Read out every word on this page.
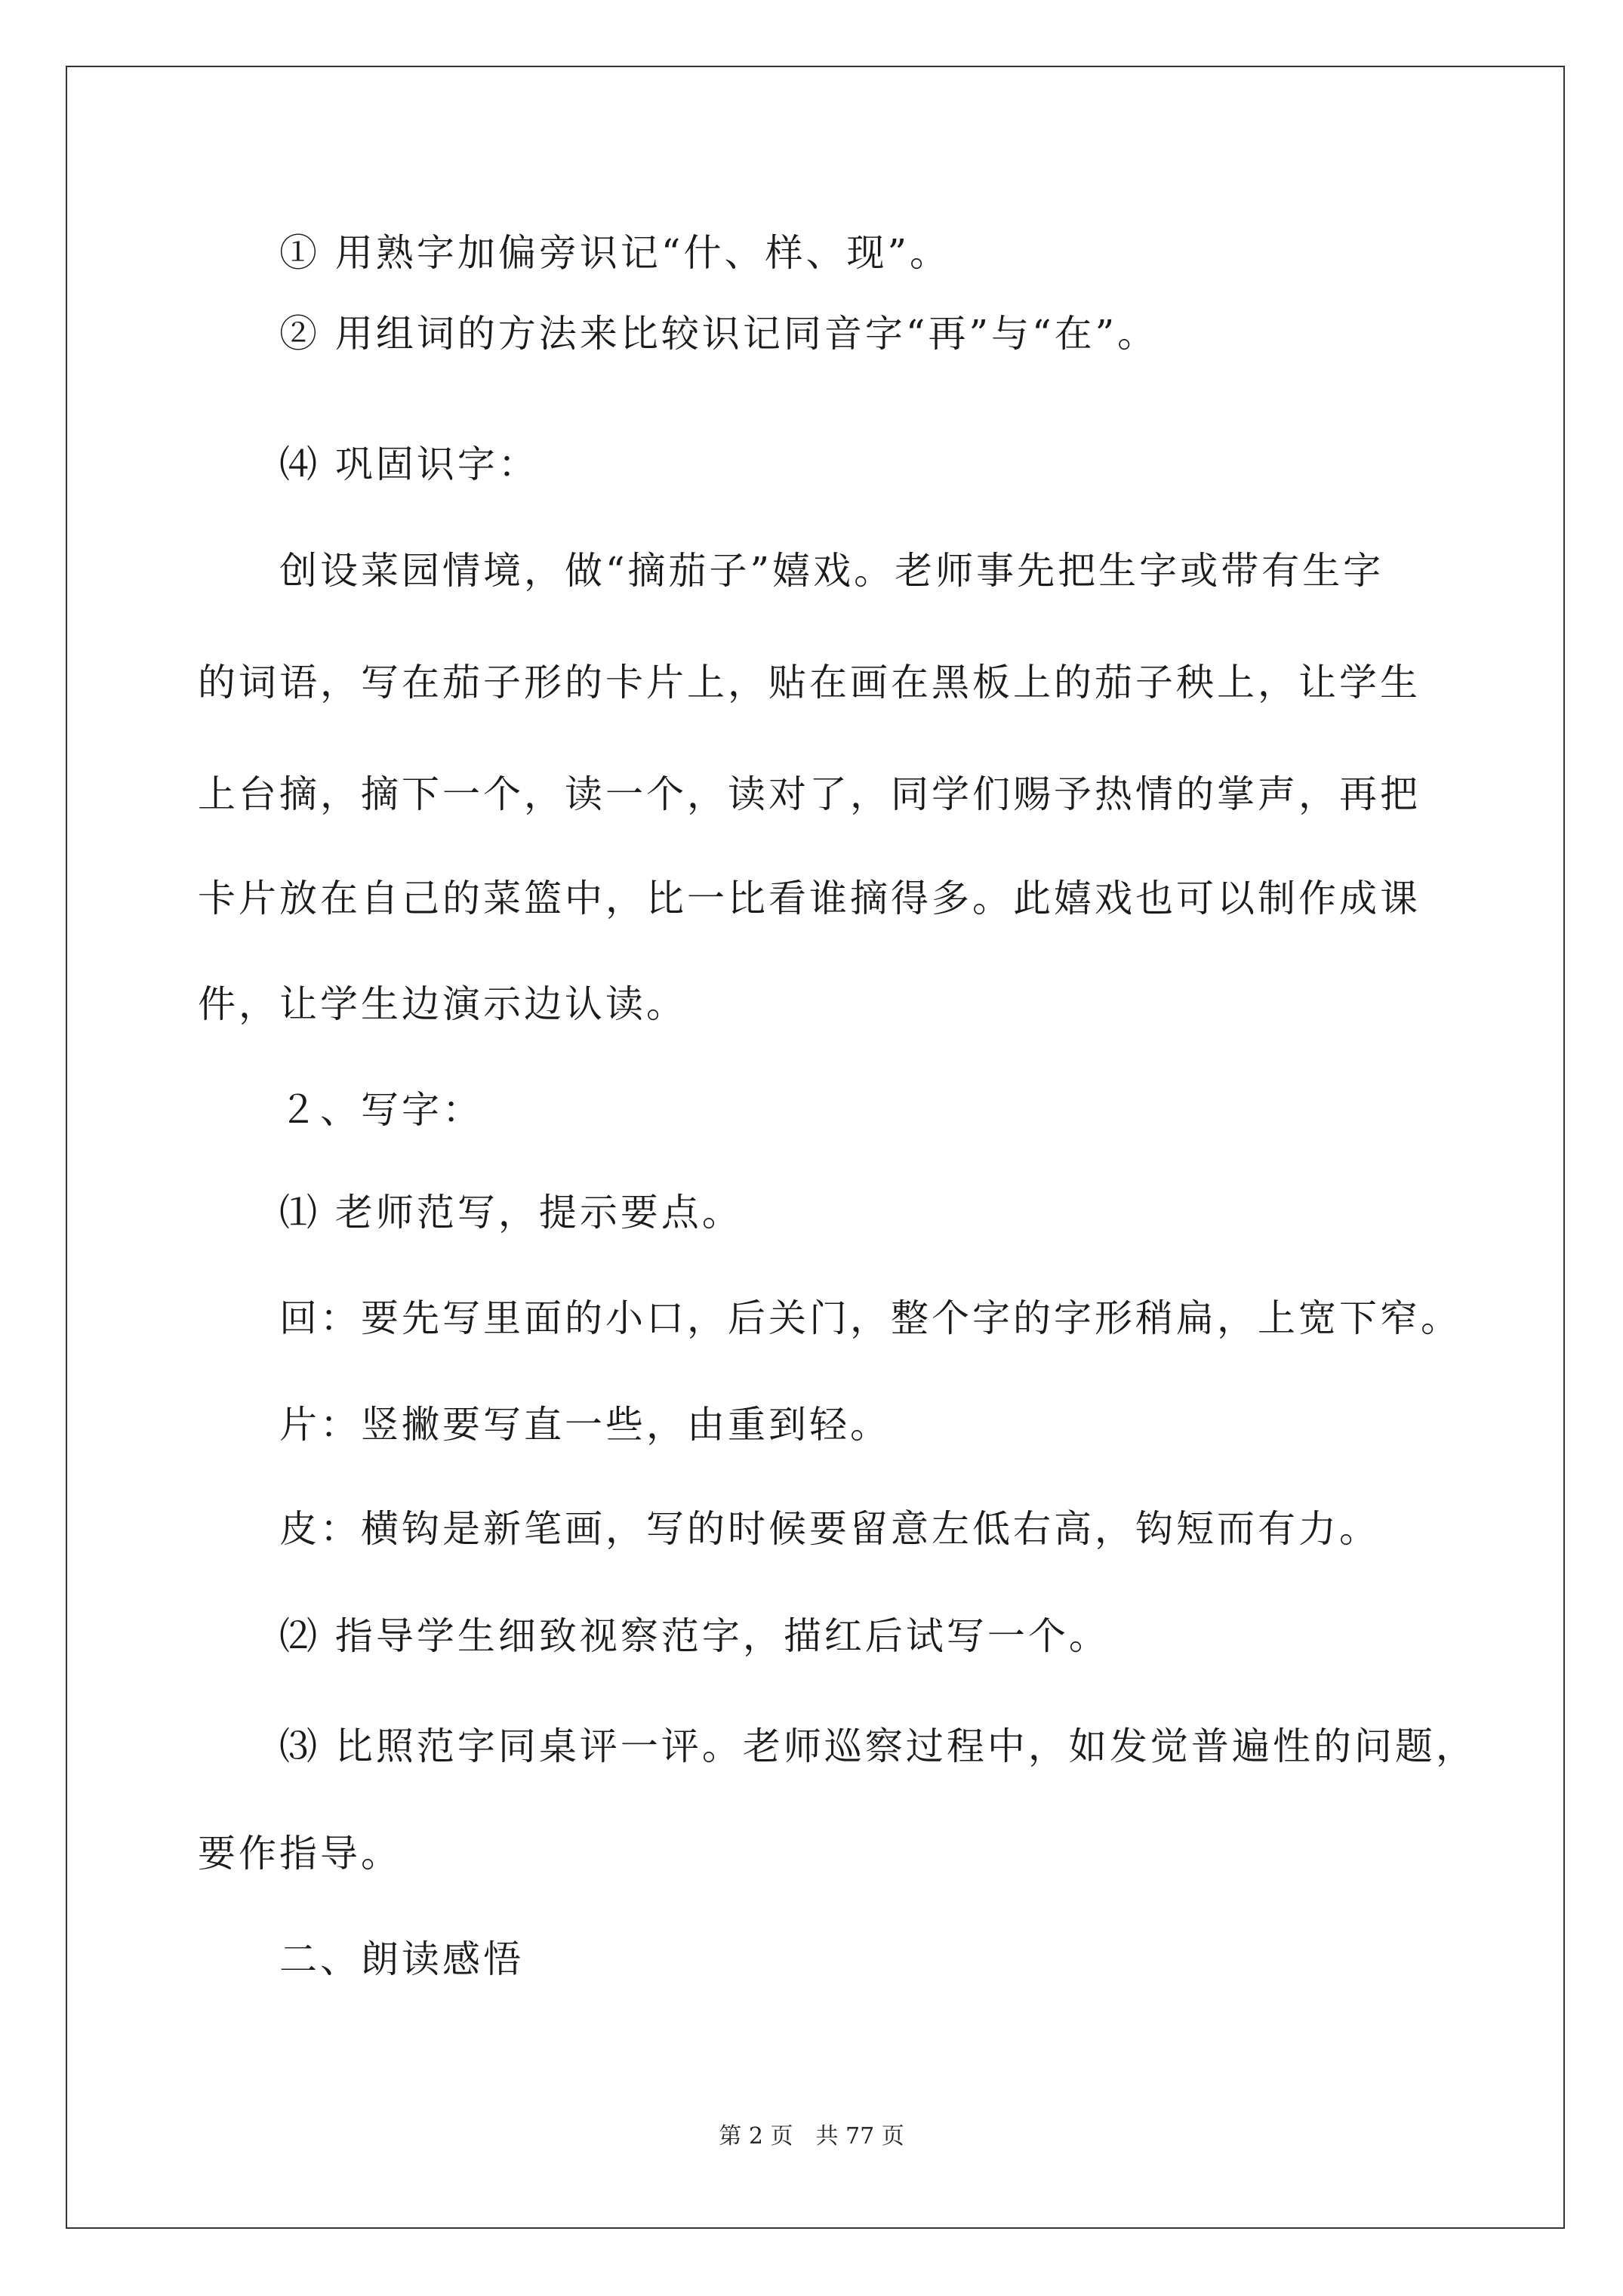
① 用熟字加偏旁识记“什、样、现”。
② 用组词的方法来比较识记同音字“再”与“在”。
⑷ 巩固识字：
创设菜园情境，做“摘茄子”嬉戏。老师事先把生字或带有生字
的词语，写在茄子形的卡片上，贴在画在黑板上的茄子秧上，让学生
上台摘，摘下一个，读一个，读对了，同学们赐予热情的掌声，再把
卡片放在自己的菜篮中，比一比看谁摘得多。此嬉戏也可以制作成课
件，让学生边演示边认读。
２、写字：
⑴ 老师范写，提示要点。
回：要先写里面的小口，后关门，整个字的字形稍扁，上宽下窄。
片：竖撇要写直一些，由重到轻。
皮：横钩是新笔画，写的时候要留意左低右高，钩短而有力。
⑵ 指导学生细致视察范字，描红后试写一个。
⑶ 比照范字同桌评一评。老师巡察过程中，如发觉普遍性的问题，
要作指导。
二、朗读感悟
第 2 页　共 77 页
